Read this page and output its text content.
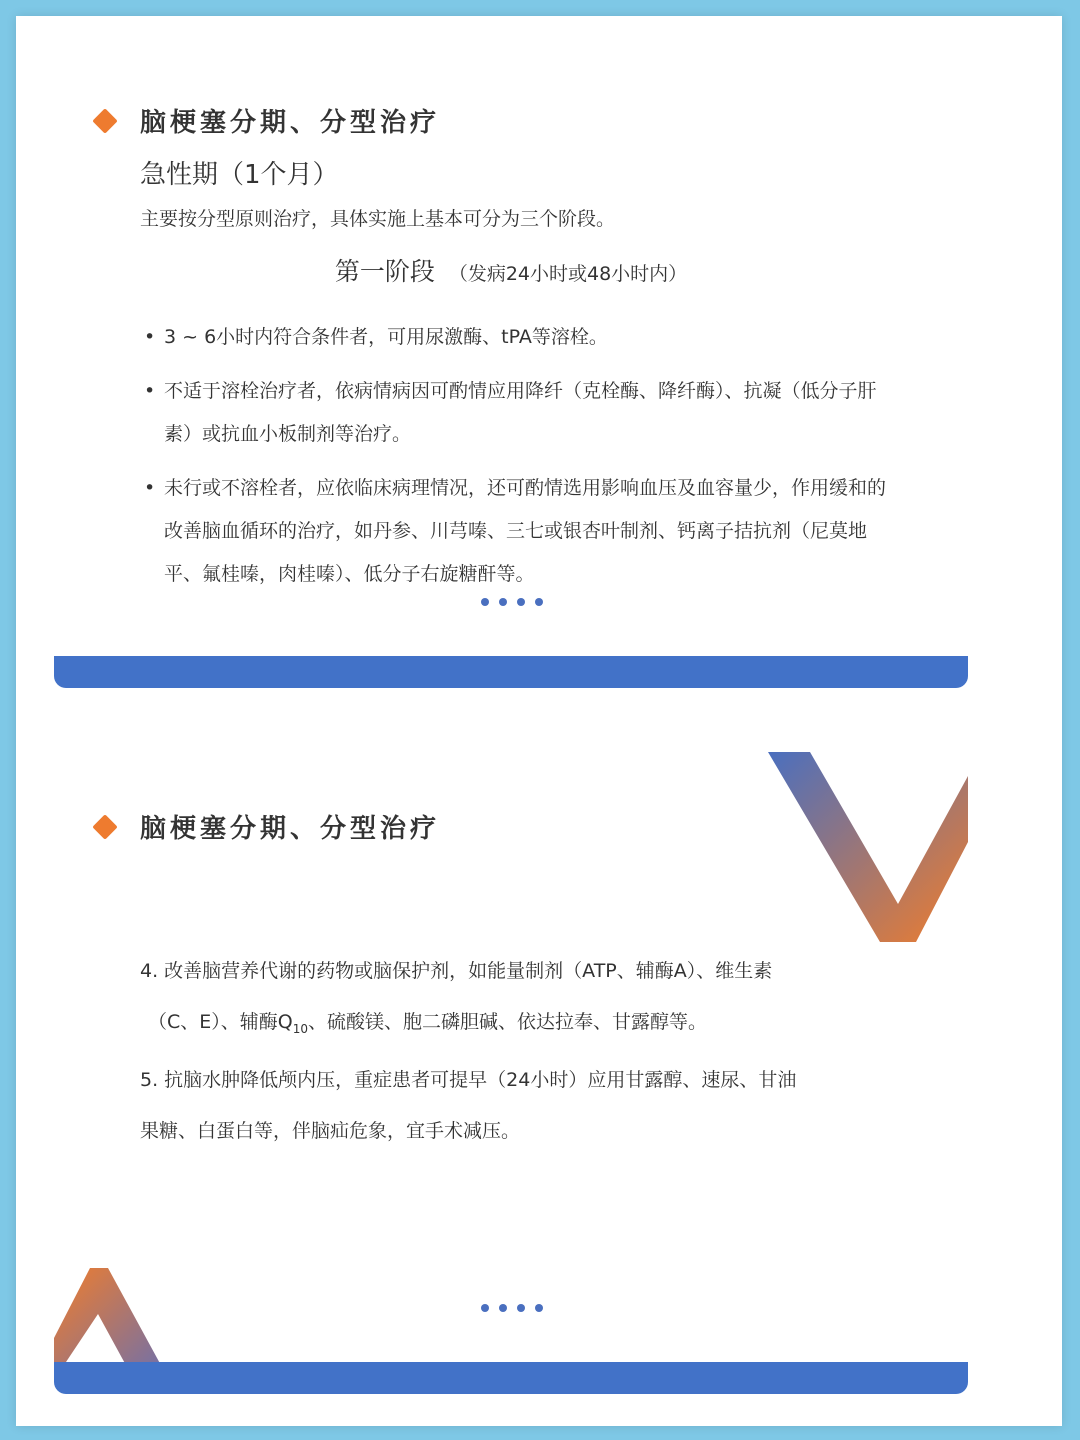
脑梗塞分期、分型治疗
急性期（1个月）
主要按分型原则治疗，具体实施上基本可分为三个阶段。
第一阶段 （发病24小时或48小时内）
• 3 ~ 6小时内符合条件者，可用尿激酶、tPA等溶栓。
• 不适于溶栓治疗者，依病情病因可酌情应用降纤（克栓酶、降纤酶）、抗凝（低分子肝素）或抗血小板制剂等治疗。
• 未行或不溶栓者，应依临床病理情况，还可酌情选用影响血压及血容量少，作用缓和的改善脑血循环的治疗，如丹参、川芎嗪、三七或银杏叶制剂、钙离子拮抗剂（尼莫地平、氟桂嗪，肉桂嗪）、低分子右旋糖酐等。
脑梗塞分期、分型治疗

4. 改善脑营养代谢的药物或脑保护剂，如能量制剂（ATP、辅酶A）、维生素

（C、E）、辅酶$Q_{10}$、硫酸镁、胞二磷胆碱、依达拉奉、甘露醇等。

5. 抗脑水肿降低颅内压，重症患者可提早（24小时）应用甘露醇、速尿、甘油

果糖、白蛋白等，伴脑疝危象，宜手术减压。
